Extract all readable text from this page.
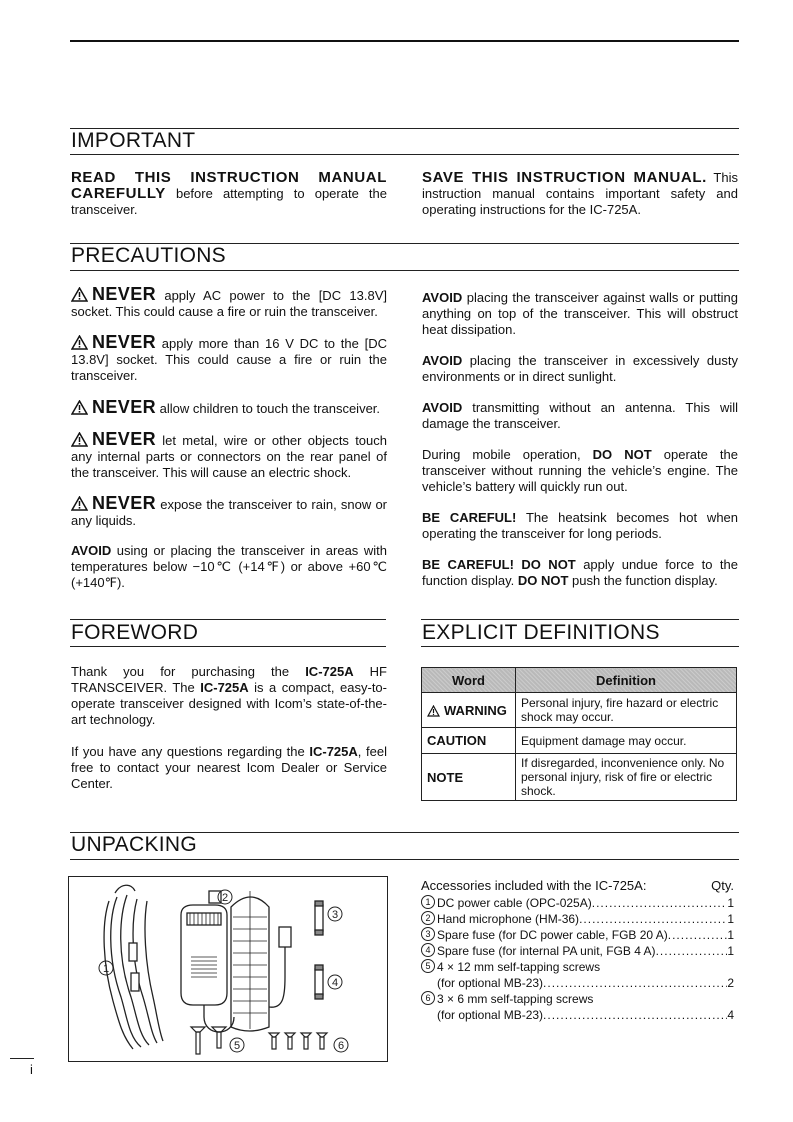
IMPORTANT

READ THIS INSTRUCTION MANUAL CAREFULLY before attempting to operate the transceiver.

SAVE THIS INSTRUCTION MANUAL. This instruction manual contains important safety and operating instructions for the IC-725A.

PRECAUTIONS

NEVER apply AC power to the [DC 13.8V] socket. This could cause a fire or ruin the transceiver.

NEVER apply more than 16 V DC to the [DC 13.8V] socket. This could cause a fire or ruin the transceiver.

NEVER allow children to touch the transceiver.

NEVER let metal, wire or other objects touch any internal parts or connectors on the rear panel of the transceiver. This will cause an electric shock.

NEVER expose the transceiver to rain, snow or any liquids.

AVOID using or placing the transceiver in areas with temperatures below −10℃ (+14℉) or above +60℃ (+140℉).

AVOID placing the transceiver against walls or putting anything on top of the transceiver. This will obstruct heat dissipation.

AVOID placing the transceiver in excessively dusty environments or in direct sunlight.

AVOID transmitting without an antenna. This will damage the transceiver.

During mobile operation, DO NOT operate the transceiver without running the vehicle’s engine. The vehicle’s battery will quickly run out.

BE CAREFUL! The heatsink becomes hot when operating the transceiver for long periods.

BE CAREFUL! DO NOT apply undue force to the function display. DO NOT push the function display.

FOREWORD

Thank you for purchasing the IC-725A HF TRANSCEIVER. The IC-725A is a compact, easy-to-operate transceiver designed with Icom’s state-of-the-art technology.

If you have any questions regarding the IC-725A, feel free to contact your nearest Icom Dealer or Service Center.

EXPLICIT DEFINITIONS
Word	Definition
WARNING	Personal injury, fire hazard or electric shock may occur.
CAUTION	Equipment damage may occur.
NOTE	If disregarded, inconvenience only. No personal injury, risk of fire or electric shock.
UNPACKING
1
2
3
4
5	6
Accessories included with the IC-725A:	Qty.
1 DC power cable (OPC-025A) .....	1
2 Hand microphone (HM-36) .....	1
3 Spare fuse (for DC power cable, FGB 20 A) .....	1
4 Spare fuse (for internal PA unit, FGB 4 A) .....	1
5 4 × 12 mm self-tapping screws
(for optional MB-23) .....	2
6 3 × 6 mm self-tapping screws
(for optional MB-23) .....	4
i
